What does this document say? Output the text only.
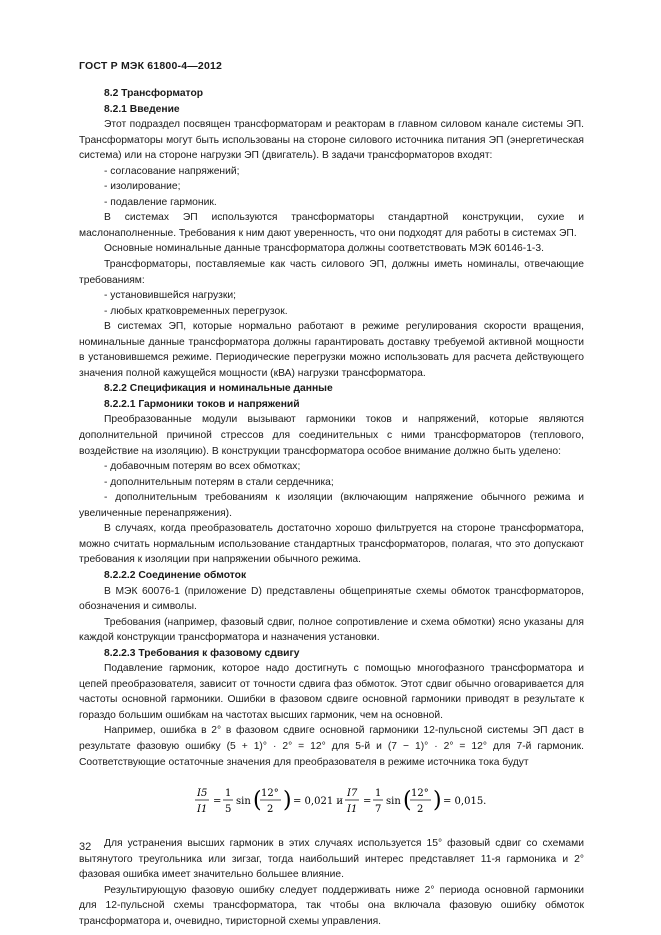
ГОСТ Р МЭК 61800-4—2012

8.2 Трансформатор

8.2.1 Введение

Этот подраздел посвящен трансформаторам и реакторам в главном силовом канале системы ЭП. Трансформаторы могут быть использованы на стороне силового источника питания ЭП (энергетическая система) или на стороне нагрузки ЭП (двигатель). В задачи трансформаторов входят:

- согласование напряжений;

- изолирование;

- подавление гармоник.

В системах ЭП используются трансформаторы стандартной конструкции, сухие и маслонаполненные. Требования к ним дают уверенность, что они подходят для работы в системах ЭП.

Основные номинальные данные трансформатора должны соответствовать МЭК 60146-1-3.

Трансформаторы, поставляемые как часть силового ЭП, должны иметь номиналы, отвечающие требованиям:

- установившейся нагрузки;

- любых кратковременных перегрузок.

В системах ЭП, которые нормально работают в режиме регулирования скорости вращения, номинальные данные трансформатора должны гарантировать доставку требуемой активной мощности в установившемся режиме. Периодические перегрузки можно использовать для расчета действующего значения полной кажущейся мощности (кВА) нагрузки трансформатора.

8.2.2 Спецификация и номинальные данные

8.2.2.1 Гармоники токов и напряжений

Преобразованные модули вызывают гармоники токов и напряжений, которые являются дополнительной причиной стрессов для соединительных с ними трансформаторов (теплового, воздействие на изоляцию). В конструкции трансформатора особое внимание должно быть уделено:

- добавочным потерям во всех обмотках;

- дополнительным потерям в стали сердечника;

- дополнительным требованиям к изоляции (включающим напряжение обычного режима и увеличенные перенапряжения).

В случаях, когда преобразователь достаточно хорошо фильтруется на стороне трансформатора, можно считать нормальным использование стандартных трансформаторов, полагая, что это допускают требования к изоляции при напряжении обычного режима.

8.2.2.2 Соединение обмоток

В МЭК 60076-1 (приложение D) представлены общепринятые схемы обмоток трансформаторов, обозначения и символы.

Требования (например, фазовый сдвиг, полное сопротивление и схема обмотки) ясно указаны для каждой конструкции трансформатора и назначения установки.

8.2.2.3 Требования к фазовому сдвигу

Подавление гармоник, которое надо достигнуть с помощью многофазного трансформатора и цепей преобразователя, зависит от точности сдвига фаз обмоток. Этот сдвиг обычно оговаривается для частоты основной гармоники. Ошибки в фазовом сдвиге основной гармоники приводят в результате к гораздо большим ошибкам на частотах высших гармоник, чем на основной.

Например, ошибка в 2° в фазовом сдвиге основной гармоники 12-пульсной системы ЭП даст в результате фазовую ошибку (5 + 1)° · 2° = 12° для 5-й и (7 − 1)° · 2° = 12° для 7-й гармоник. Соответствующие остаточные значения для преобразователя в режиме источника тока будут

I5
I1
=
1
5
sin ( 12°
2 ) = 0,021 и
I7
I1
=
1
7
sin ( 12°
2 ) = 0,015.

Для устранения высших гармоник в этих случаях используется 15° фазовый сдвиг со схемами вытянутого треугольника или зигзаг, тогда наибольший интерес представляет 11-я гармоника и 2° фазовая ошибка имеет значительно большее влияние.

Результирующую фазовую ошибку следует поддерживать ниже 2° периода основной гармоники для 12-пульсной схемы трансформатора, так чтобы она включала фазовую ошибку обмоток трансформатора и, очевидно, тиристорной схемы управления.

32
